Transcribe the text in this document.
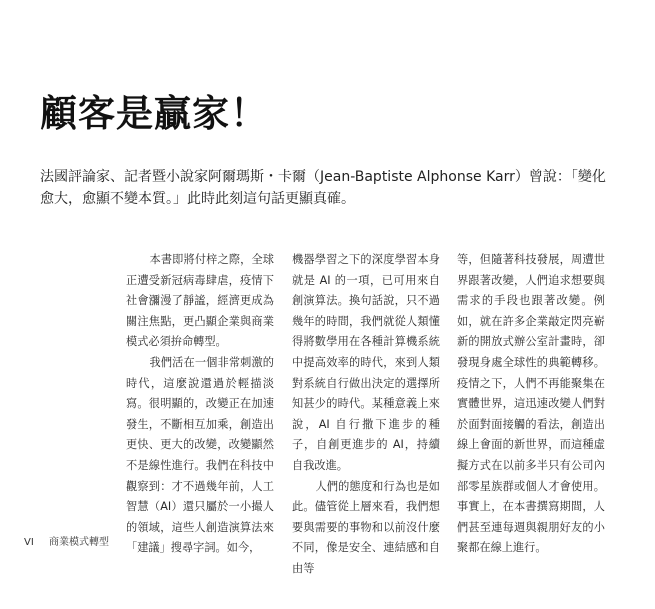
顧客是贏家！

法國評論家、記者暨小說家阿爾瑪斯・卡爾（Jean-Baptiste Alphonse Karr）曾說：「變化愈大，愈顯不變本質。」此時此刻這句話更顯真確。

本書即將付梓之際，全球正遭受新冠病毒肆虐，疫情下社會瀰漫了靜謐，經濟更成為關注焦點，更凸顯企業與商業模式必須拚命轉型。

我們活在一個非常刺激的時代，這麼說還過於輕描淡寫。很明顯的，改變正在加速發生，不斷相互加乘，創造出更快、更大的改變，改變顯然不是線性進行。我們在科技中觀察到：才不過幾年前，人工智慧（AI）還只屬於一小撮人的領域，這些人創造演算法來「建議」搜尋字詞。如今，

機器學習之下的深度學習本身就是 AI 的一項，已可用來自創演算法。換句話說，只不過幾年的時間，我們就從人類懂得將數學用在各種計算機系統中提高效率的時代，來到人類對系統自行做出決定的選擇所知甚少的時代。某種意義上來說，AI 自行撒下進步的種子，自創更進步的 AI，持續自我改進。

人們的態度和行為也是如此。儘管從上層來看，我們想要與需要的事物和以前沒什麼不同，像是安全、連結感和自由等

等，但隨著科技發展，周遭世界跟著改變，人們追求想要與需求的手段也跟著改變。例如，就在許多企業敲定閃亮嶄新的開放式辦公室計畫時，卻發現身處全球性的典範轉移。疫情之下，人們不再能聚集在實體世界，這迅速改變人們對於面對面接觸的看法，創造出線上會面的新世界，而這種虛擬方式在以前多半只有公司內部零星族群或個人才會使用。事實上，在本書撰寫期間，人們甚至連每週與親朋好友的小聚都在線上進行。

VI 商業模式轉型
